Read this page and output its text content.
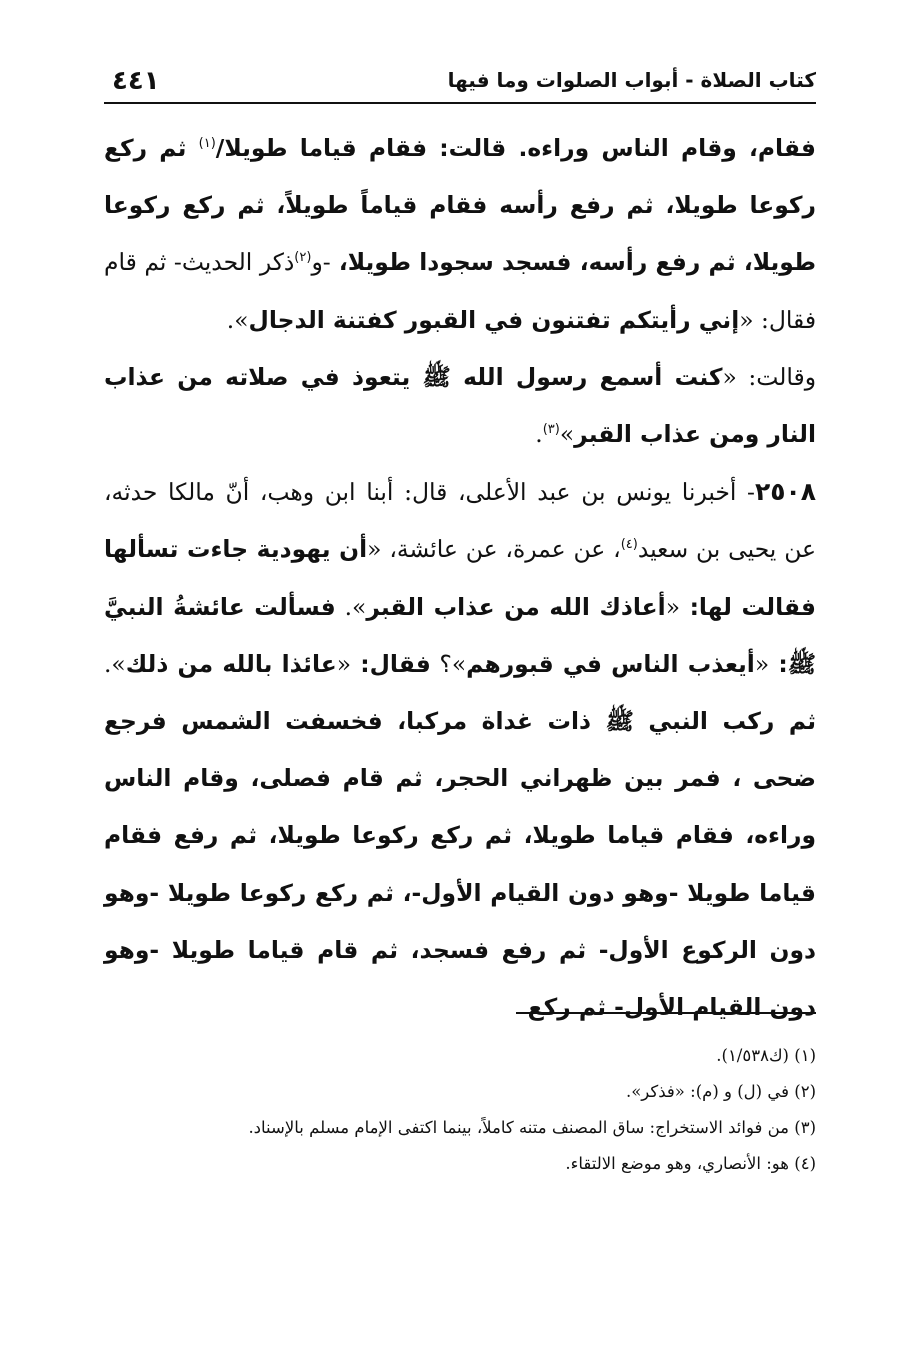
كتاب الصلاة - أبواب الصلوات وما فيها
٤٤١

فقام، وقام الناس وراءه. قالت: فقام قياما طويلا/$^{(١)}$ ثم ركع ركوعا طويلا، ثم رفع رأسه فقام قياماً طويلاً، ثم ركع ركوعا طويلا، ثم رفع رأسه، فسجد سجودا طويلا، -و$^{(٢)}$ذكر الحديث- ثم قام فقال: «إني رأيتكم تفتنون في القبور كفتنة الدجال».

وقالت: «كنت أسمع رسول الله ﷺ يتعوذ في صلاته من عذاب النار ومن عذاب القبر»$^{(٣)}$.

٢٥٠٨- أخبرنا يونس بن عبد الأعلى، قال: أبنا ابن وهب، أنّ مالكا حدثه، عن يحيى بن سعيد$^{(٤)}$، عن عمرة، عن عائشة، «أن يهودية جاءت تسألها فقالت لها: «أعاذك الله من عذاب القبر». فسألت عائشةُ النبيَّ ﷺ: «أيعذب الناس في قبورهم»؟ فقال: «عائذا بالله من ذلك». ثم ركب النبي ﷺ ذات غداة مركبا، فخسفت الشمس فرجع ضحى ، فمر بين ظهراني الحجر، ثم قام فصلى، وقام الناس وراءه، فقام قياما طويلا، ثم ركع ركوعا طويلا، ثم رفع فقام قياما طويلا -وهو دون القيام الأول-، ثم ركع ركوعا طويلا -وهو دون الركوع الأول- ثم رفع فسجد، ثم قام قياما طويلا -وهو دون القيام الأول- ثم ركع

(١) (ك١/٥٣٨).

(٢) في (ل) و (م): «فذكر».

(٣) من فوائد الاستخراج: ساق المصنف متنه كاملاً، بينما اكتفى الإمام مسلم بالإسناد.

(٤) هو: الأنصاري، وهو موضع الالتقاء.
